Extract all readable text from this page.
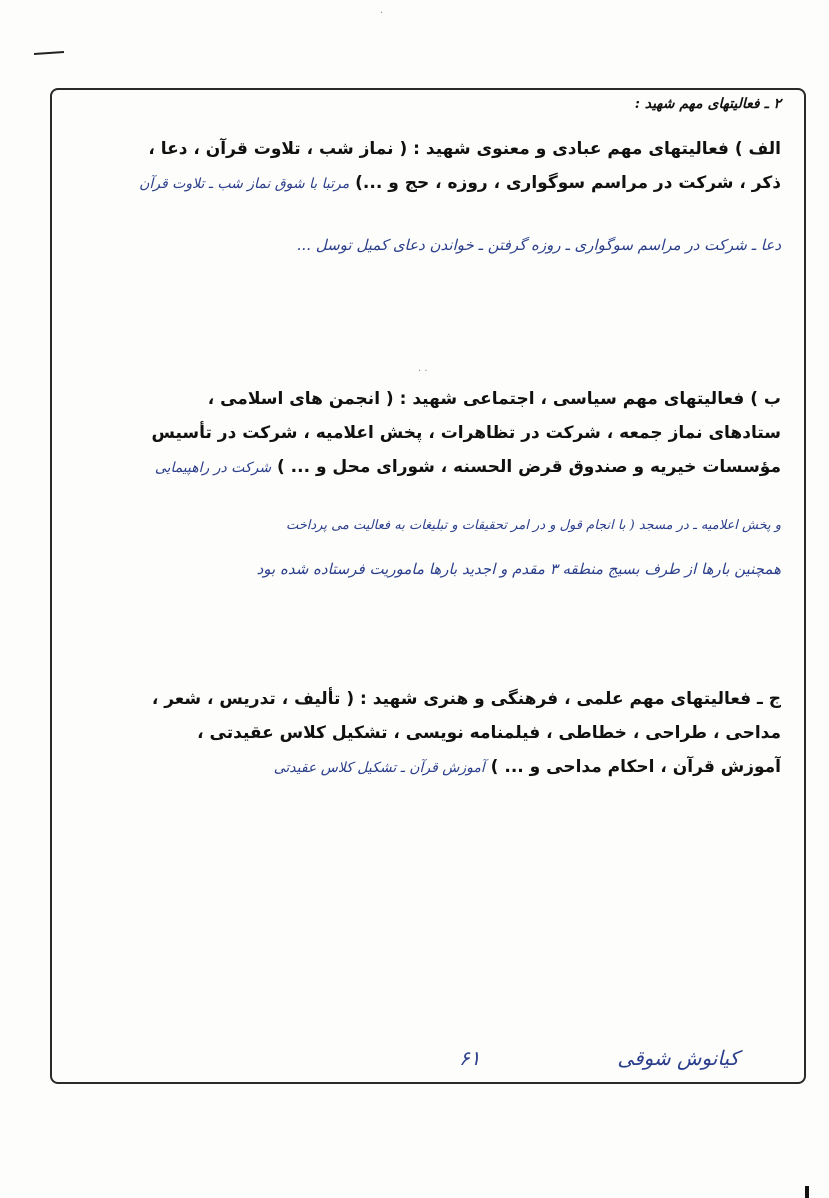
·
· ·
۲ ـ فعالیتهای مهم شهید :
الف ) فعالیتهای مهم عبادی و معنوی شهید : ( نماز شب ، تلاوت قرآن ، دعا ،
ذکر ، شرکت در مراسم سوگواری ، روزه ، حج و ...) مرتبا با شوق نماز شب ـ تلاوت قرآن
دعا ـ شرکت در مراسم سوگواری ـ روزه گرفتن ـ خواندن دعای کمیل توسل ...
ب ) فعالیتهای مهم سیاسی ، اجتماعی شهید : ( انجمن های اسلامی ،
ستادهای نماز جمعه ، شرکت در تظاهرات ، پخش اعلامیه ، شرکت در تأسیس
مؤسسات خیریه و صندوق قرض الحسنه ، شورای محل و ... ) شرکت در راهپیمایی
و پخش اعلامیه ـ در مسجد ( با انجام قول و در امر تحقیقات و تبلیغات به فعالیت می پرداخت
همچنین بارها از طرف بسیج منطقه ۳ مقدم و اجدید بارها ماموریت فرستاده شده بود
ج ـ فعالیتهای مهم علمی ، فرهنگی و هنری شهید : ( تألیف ، تدریس ، شعر ،
مداحی ، طراحی ، خطاطی ، فیلمنامه نویسی ، تشکیل کلاس عقیدتی ،
آموزش قرآن ، احکام مداحی و ... ) آموزش قرآن ـ تشکیل کلاس عقیدتی
کیانوش شوقی
۶۱
